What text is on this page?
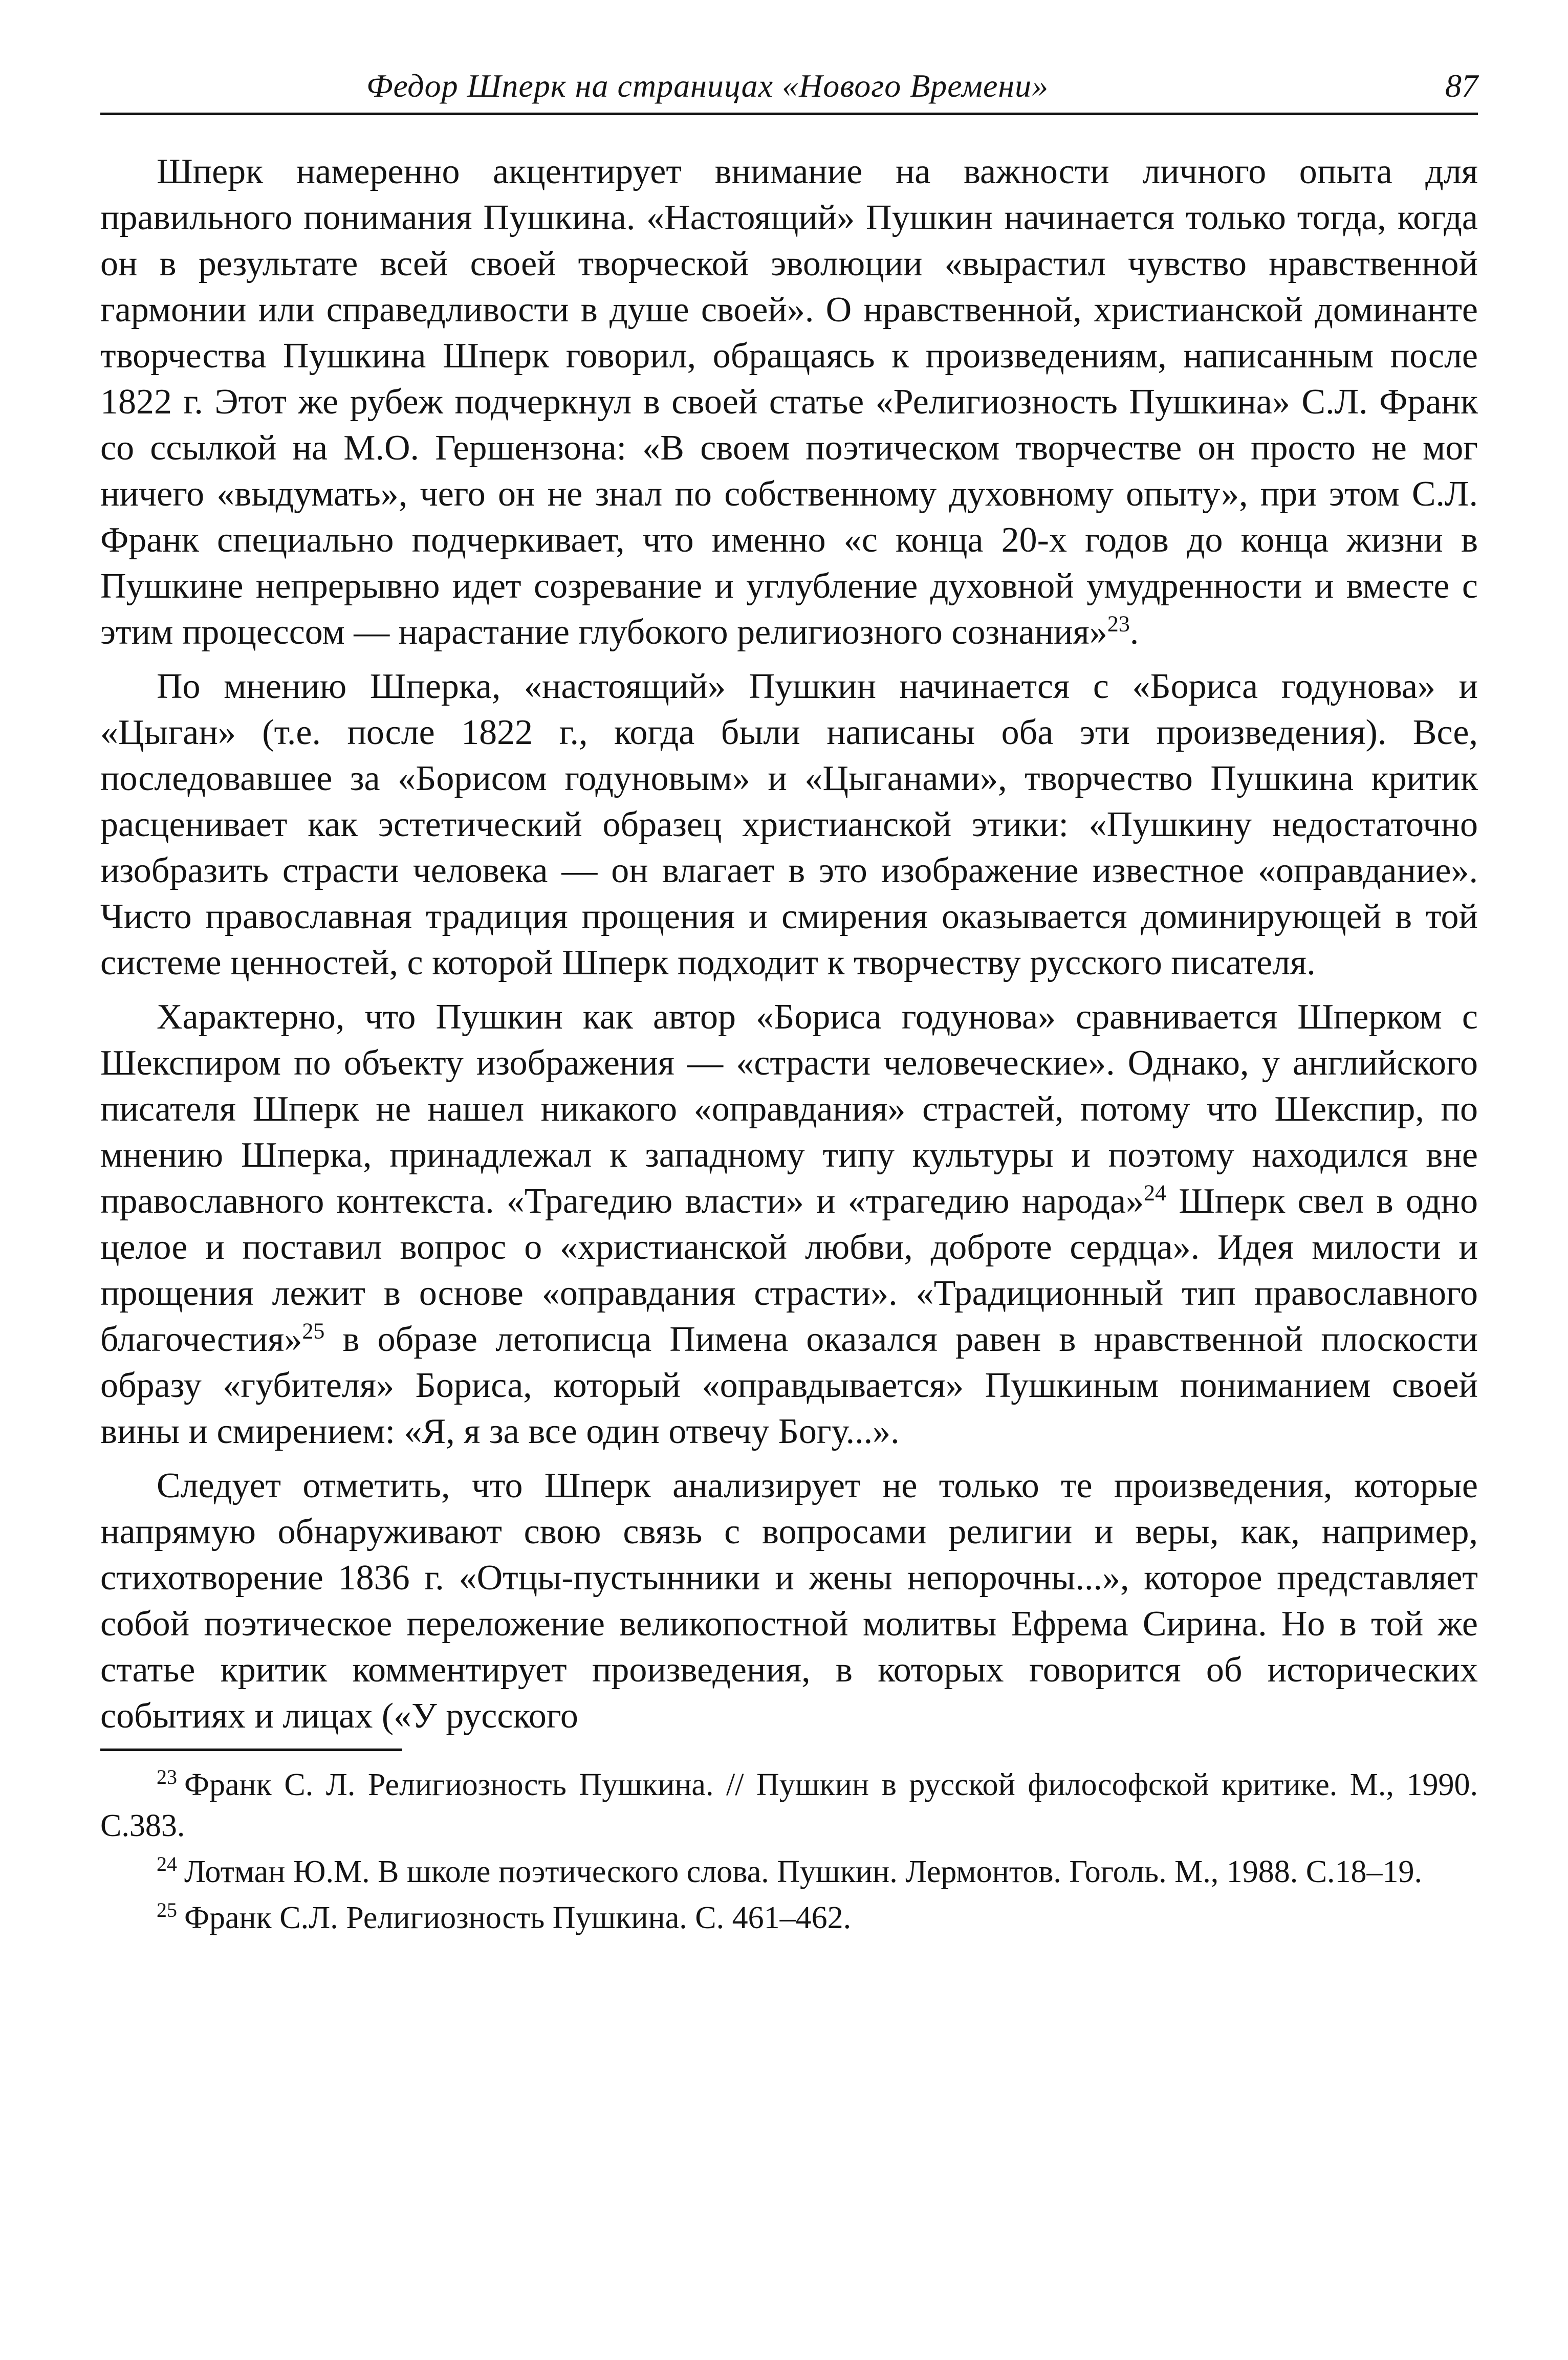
Федор Шперк на страницах «Нового Времени»	87

Шперк намеренно акцентирует внимание на важности личного опыта для правильного понимания Пушкина. «Настоящий» Пушкин начинается только тогда, когда он в результате всей своей творческой эволюции «вырастил чувство нравственной гармонии или справедливости в душе своей». О нравственной, христианской доминанте творчества Пушкина Шперк говорил, обращаясь к произведениям, написанным после 1822 г. Этот же рубеж подчеркнул в своей статье «Религиозность Пушкина» С.Л. Франк со ссылкой на М.О. Гершензона: «В своем поэтическом творчестве он просто не мог ничего «выдумать», чего он не знал по собственному духовному опыту», при этом С.Л. Франк специально подчеркивает, что именно «с конца 20-х годов до конца жизни в Пушкине непрерывно идет созревание и углубление духовной умудренности и вместе с этим процессом — нарастание глубокого религиозного сознания»$^{23}$.

По мнению Шперка, «настоящий» Пушкин начинается с «Бориса годунова» и «Цыган» (т.е. после 1822 г., когда были написаны оба эти произведения). Все, последовавшее за «Борисом годуновым» и «Цыганами», творчество Пушкина критик расценивает как эстетический образец христианской этики: «Пушкину недостаточно изобразить страсти человека — он влагает в это изображение известное «оправдание». Чисто православная традиция прощения и смирения оказывается доминирующей в той системе ценностей, с которой Шперк подходит к творчеству русского писателя.

Характерно, что Пушкин как автор «Бориса годунова» сравнивается Шперком с Шекспиром по объекту изображения — «страсти человеческие». Однако, у английского писателя Шперк не нашел никакого «оправдания» страстей, потому что Шекспир, по мнению Шперка, принадлежал к западному типу культуры и поэтому находился вне православного контекста. «Трагедию власти» и «трагедию народа»$^{24}$ Шперк свел в одно целое и поставил вопрос о «христианской любви, доброте сердца». Идея милости и прощения лежит в основе «оправдания страсти». «Традиционный тип православного благочестия»$^{25}$ в образе летописца Пимена оказался равен в нравственной плоскости образу «губителя» Бориса, который «оправдывается» Пушкиным пониманием своей вины и смирением: «Я, я за все один отвечу Богу...».

Следует отметить, что Шперк анализирует не только те произведения, которые напрямую обнаруживают свою связь с вопросами религии и веры, как, например, стихотворение 1836 г. «Отцы-пустынники и жены непорочны...», которое представляет собой поэтическое переложение великопостной молитвы Ефрема Сирина. Но в той же статье критик комментирует произведения, в которых говорится об исторических событиях и лицах («У русского

$^{23}$ Франк С. Л. Религиозность Пушкина. // Пушкин в русской философской критике. М., 1990. С.383.

$^{24}$ Лотман Ю.М. В школе поэтического слова. Пушкин. Лермонтов. Гоголь. М., 1988. С.18–19.

$^{25}$ Франк С.Л. Религиозность Пушкина. С. 461–462.
